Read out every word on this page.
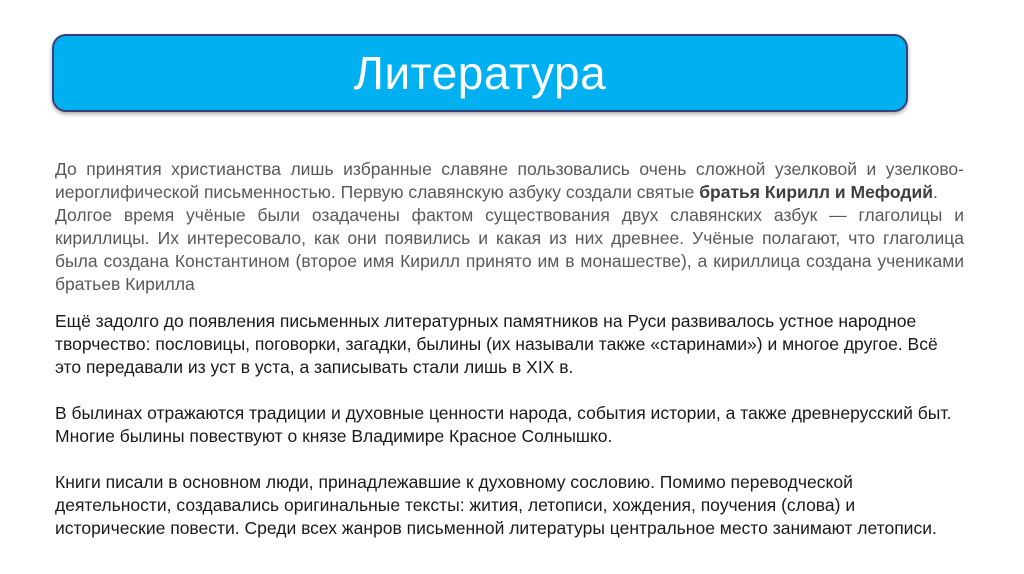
Литература
До принятия христианства лишь избранные славяне пользовались очень сложной узелковой и узелково-иероглифической письменностью. Первую славянскую азбуку создали святые братья Кирилл и Мефодий.
Долгое время учёные были озадачены фактом существования двух славянских азбук — глаголицы и кириллицы. Их интересовало, как они появились и какая из них древнее. Учёные полагают, что глаголица была создана Константином (второе имя Кирилл принято им в монашестве), а кириллица создана учениками братьев Кирилла

Ещё задолго до появления письменных литературных памятников на Руси развивалось устное народное творчество: пословицы, поговорки, загадки, былины (их называли также «старинами») и многое другое. Всё это передавали из уст в уста, а записывать стали лишь в XIX в.

В былинах отражаются традиции и духовные ценности народа, события истории, а также древнерусский быт. Многие былины повествуют о князе Владимире Красное Солнышко.

Книги писали в основном люди, принадлежавшие к духовному сословию. Помимо переводческой деятельности, создавались оригинальные тексты: жития, летописи, хождения, поучения (слова) и исторические повести. Среди всех жанров письменной литературы центральное место занимают летописи.
